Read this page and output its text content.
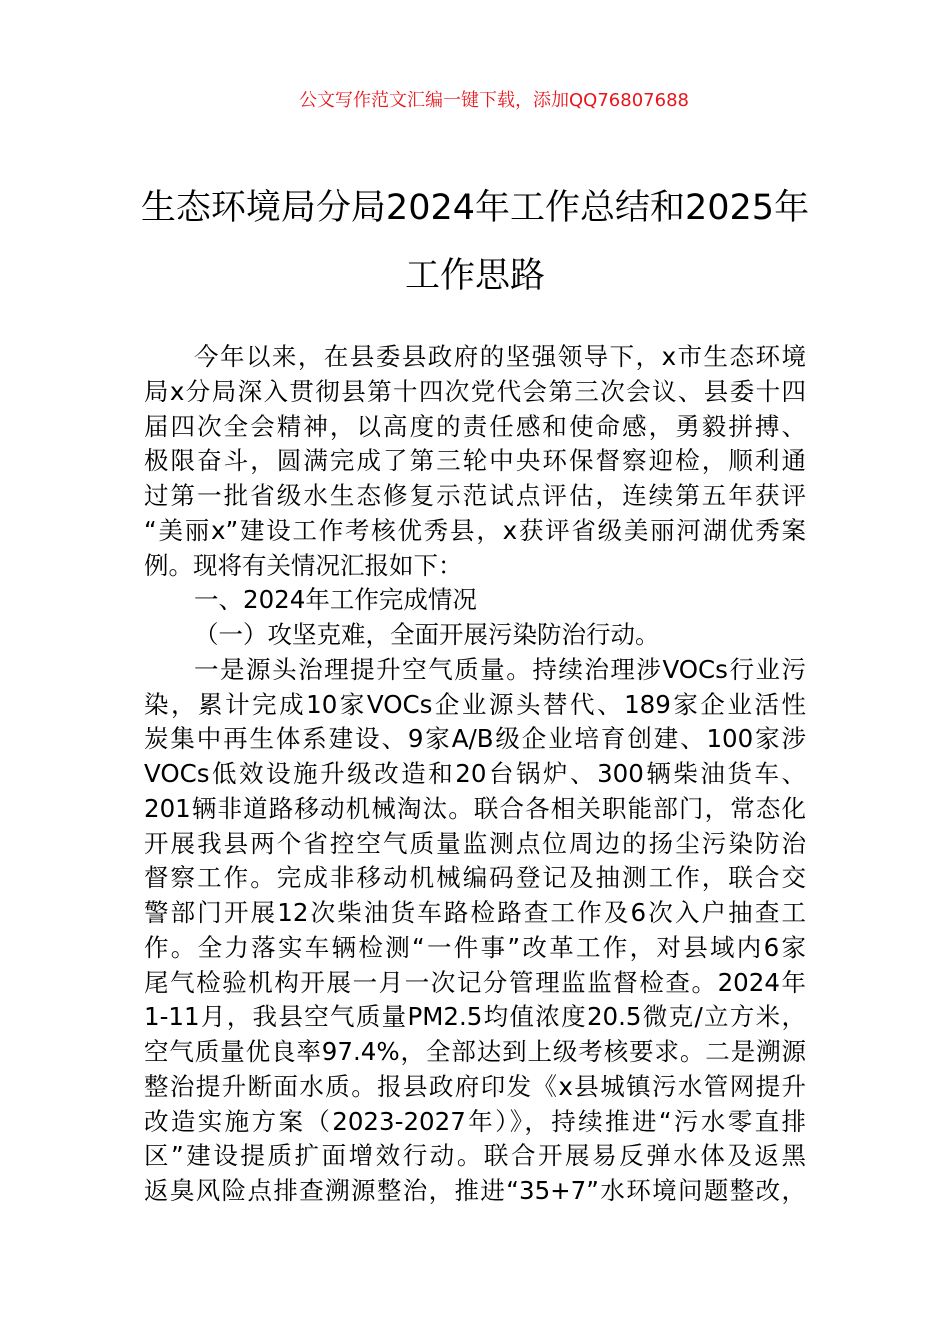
公文写作范文汇编一键下载，添加QQ76807688
生态环境局分局2024年工作总结和2025年
工作思路
今年以来，在县委县政府的坚强领导下，x市生态环境
局x分局深入贯彻县第十四次党代会第三次会议、县委十四
届四次全会精神，以高度的责任感和使命感，勇毅拼搏、
极限奋斗，圆满完成了第三轮中央环保督察迎检，顺利通
过第一批省级水生态修复示范试点评估，连续第五年获评
“美丽x”建设工作考核优秀县，x获评省级美丽河湖优秀案
例。现将有关情况汇报如下：
一、2024年工作完成情况
（一）攻坚克难，全面开展污染防治行动。
一是源头治理提升空气质量。持续治理涉VOCs行业污
染，累计完成10家VOCs企业源头替代、189家企业活性
炭集中再生体系建设、9家A/B级企业培育创建、100家涉
VOCs低效设施升级改造和20台锅炉、300辆柴油货车、
201辆非道路移动机械淘汰。联合各相关职能部门，常态化
开展我县两个省控空气质量监测点位周边的扬尘污染防治
督察工作。完成非移动机械编码登记及抽测工作，联合交
警部门开展12次柴油货车路检路查工作及6次入户抽查工
作。全力落实车辆检测“一件事”改革工作，对县域内6家
尾气检验机构开展一月一次记分管理监监督检查。2024年
1-11月，我县空气质量PM2.5均值浓度20.5微克/立方米，
空气质量优良率97.4%，全部达到上级考核要求。二是溯源
整治提升断面水质。报县政府印发《x县城镇污水管网提升
改造实施方案（2023-2027年）》，持续推进“污水零直排
区”建设提质扩面增效行动。联合开展易反弹水体及返黑
返臭风险点排查溯源整治，推进“35+7”水环境问题整改，
